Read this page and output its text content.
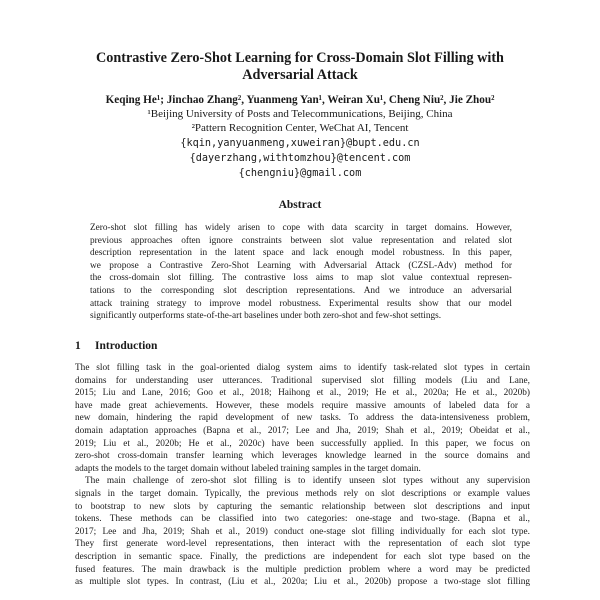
Contrastive Zero-Shot Learning for Cross-Domain Slot Filling with
Adversarial Attack
Keqing He¹; Jinchao Zhang², Yuanmeng Yan¹, Weiran Xu¹, Cheng Niu², Jie Zhou²
¹Beijing University of Posts and Telecommunications, Beijing, China
²Pattern Recognition Center, WeChat AI, Tencent
{kqin,yanyuanmeng,xuweiran}@bupt.edu.cn
{dayerzhang,withtomzhou}@tencent.com
{chengniu}@gmail.com
Abstract
Zero-shot slot filling has widely arisen to cope with data scarcity in target domains. However,
previous approaches often ignore constraints between slot value representation and related slot
description representation in the latent space and lack enough model robustness. In this paper,
we propose a Contrastive Zero-Shot Learning with Adversarial Attack (CZSL-Adv) method for
the cross-domain slot filling. The contrastive loss aims to map slot value contextual represen-
tations to the corresponding slot description representations. And we introduce an adversarial
attack training strategy to improve model robustness. Experimental results show that our model
significantly outperforms state-of-the-art baselines under both zero-shot and few-shot settings.
1 Introduction
The slot filling task in the goal-oriented dialog system aims to identify task-related slot types in certain
domains for understanding user utterances. Traditional supervised slot filling models (Liu and Lane,
2015; Liu and Lane, 2016; Goo et al., 2018; Haihong et al., 2019; He et al., 2020a; He et al., 2020b)
have made great achievements. However, these models require massive amounts of labeled data for a
new domain, hindering the rapid development of new tasks. To address the data-intensiveness problem,
domain adaptation approaches (Bapna et al., 2017; Lee and Jha, 2019; Shah et al., 2019; Obeidat et al.,
2019; Liu et al., 2020b; He et al., 2020c) have been successfully applied. In this paper, we focus on
zero-shot cross-domain transfer learning which leverages knowledge learned in the source domains and
adapts the models to the target domain without labeled training samples in the target domain.
The main challenge of zero-shot slot filling is to identify unseen slot types without any supervision
signals in the target domain. Typically, the previous methods rely on slot descriptions or example values
to bootstrap to new slots by capturing the semantic relationship between slot descriptions and input
tokens. These methods can be classified into two categories: one-stage and two-stage. (Bapna et al.,
2017; Lee and Jha, 2019; Shah et al., 2019) conduct one-stage slot filling individually for each slot type.
They first generate word-level representations, then interact with the representation of each slot type
description in semantic space. Finally, the predictions are independent for each slot type based on the
fused features. The main drawback is the multiple prediction problem where a word may be predicted
as multiple slot types. In contrast, (Liu et al., 2020a; Liu et al., 2020b) propose a two-stage slot filling
